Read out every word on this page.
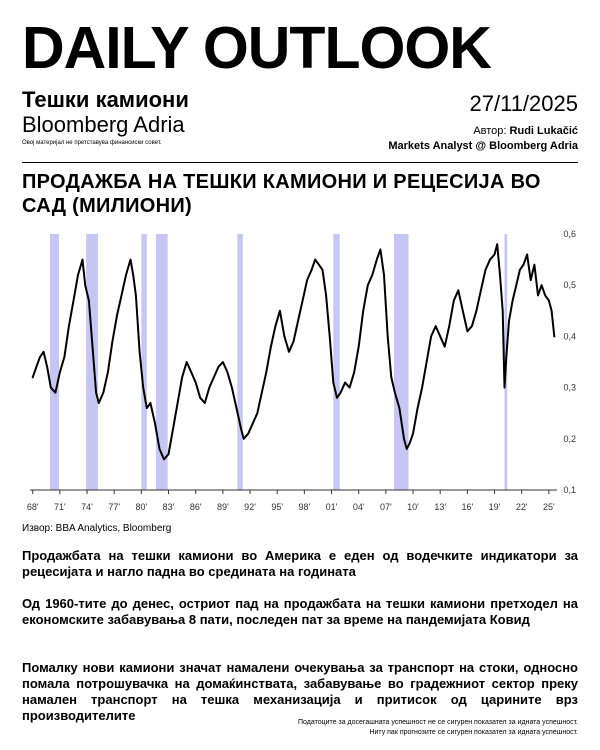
DAILY OUTLOOK
Тешки камиони
Bloomberg Adria
Овој материјал не претставува финансиски совет.
27/11/2025
Автор: Rudi Lukačić
Markets Analyst @ Bloomberg Adria
ПРОДАЖБА НА ТЕШКИ КАМИОНИ И РЕЦЕСИЈА ВО САД (МИЛИОНИ)
68' 71' 74' 77' 80' 83' 86' 89' 92' 95' 98' 01' 04' 07' 10' 13' 16' 19' 22' 25'
0,1
0,2
0,3
0,4
0,5
0,6
Извор: BBA Analytics, Bloomberg
Продажбата на тешки камиони во Америка е еден од водечките индикатори за рецесијата и нагло падна во средината на годината
Од 1960-тите до денес, остриот пад на продажбата на тешки камиони претходел на економските забавувања 8 пати, последен пат за време на пандемијата Ковид
Помалку нови камиони значат намалени очекувања за транспорт на стоки, односно помала потрошувачка на домаќинствата, забавување во градежниот сектор преку намален транспорт на тешка механизација и притисок од царините врз производителите	Податоците за досегашната успешност не се сигурен показател за идната успешност.
Ниту пак прогнозите се сигурен показател за идната успешност.
